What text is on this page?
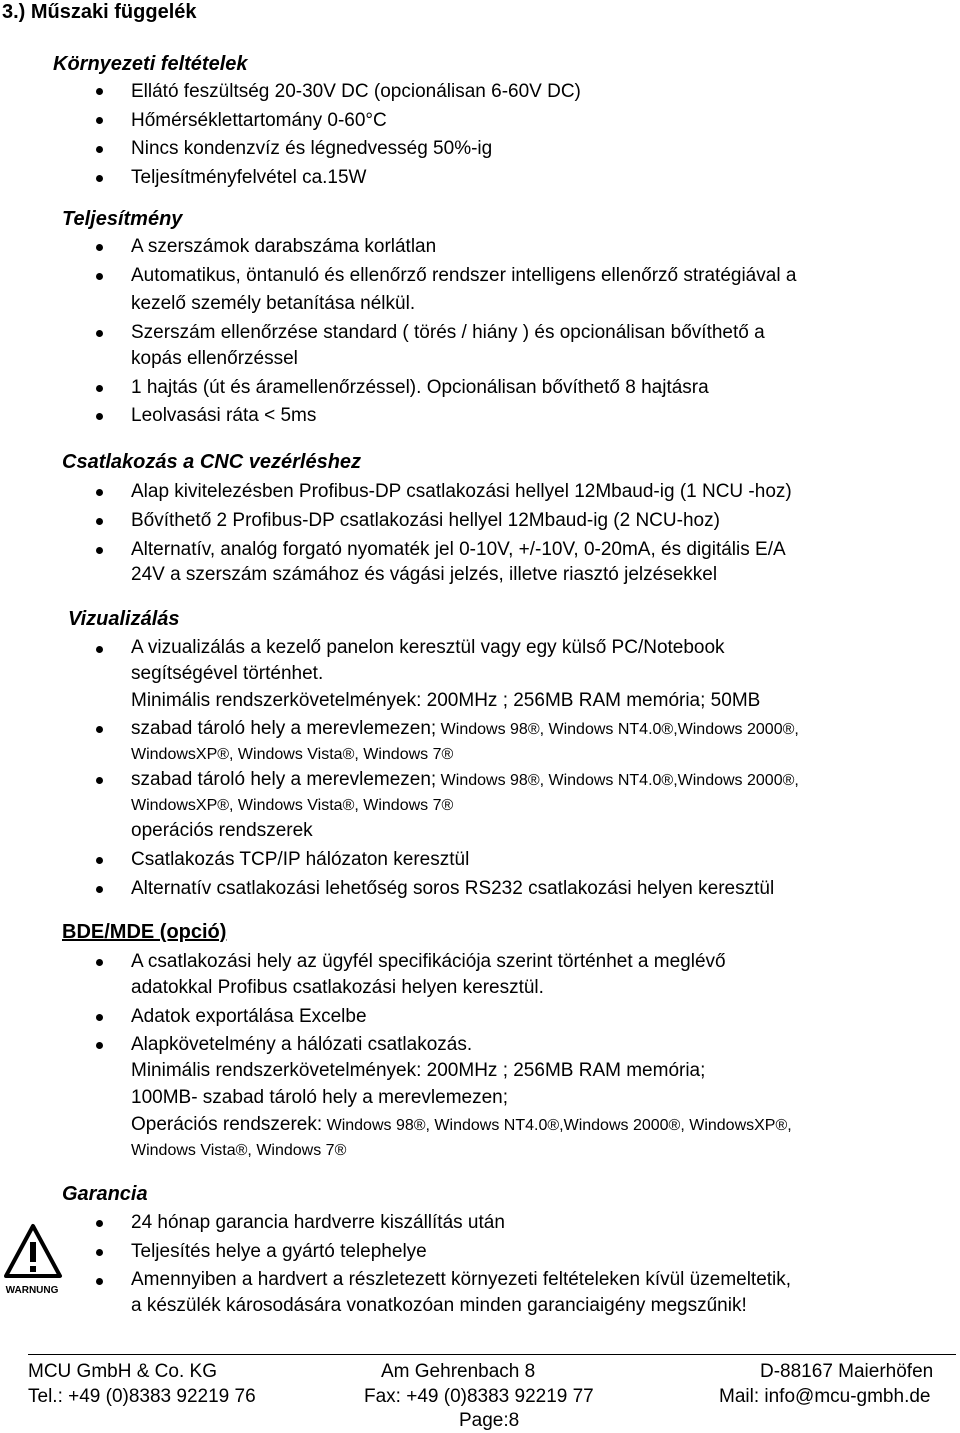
3.) Műszaki függelék
Környezeti feltételek
Ellátó feszültség 20-30V DC (opcionálisan 6-60V DC)
Hőmérséklettartomány 0-60°C
Nincs kondenzvíz és légnedvesség 50%-ig
Teljesítményfelvétel ca.15W
Teljesítmény
A szerszámok darabszáma korlátlan
Automatikus, öntanuló és ellenőrző rendszer intelligens ellenőrző stratégiával a
kezelő személy betanítása nélkül.
Szerszám ellenőrzése standard ( törés / hiány ) és opcionálisan bővíthető a
kopás ellenőrzéssel
1 hajtás (út és áramellenőrzéssel). Opcionálisan bővíthető 8 hajtásra
Leolvasási ráta < 5ms
Csatlakozás a CNC vezérléshez
Alap kivitelezésben Profibus-DP csatlakozási hellyel 12Mbaud-ig (1 NCU -hoz)
Bővíthető 2 Profibus-DP csatlakozási hellyel 12Mbaud-ig (2 NCU-hoz)
Alternatív, analóg forgató nyomaték jel 0-10V, +/-10V, 0-20mA, és digitális E/A
24V a szerszám számához és vágási jelzés, illetve riasztó jelzésekkel
Vizualizálás
A vizualizálás a kezelő panelon keresztül vagy egy külső PC/Notebook
segítségével történhet.
Minimális rendszerkövetelmények: 200MHz ; 256MB RAM memória; 50MB
szabad tároló hely a merevlemezen; Windows 98®, Windows NT4.0®,Windows 2000®,
WindowsXP®, Windows Vista®, Windows 7®
szabad tároló hely a merevlemezen; Windows 98®, Windows NT4.0®,Windows 2000®,
WindowsXP®, Windows Vista®, Windows 7®
operációs rendszerek
Csatlakozás TCP/IP hálózaton keresztül
Alternatív csatlakozási lehetőség soros RS232 csatlakozási helyen keresztül
BDE/MDE (opció)
A csatlakozási hely az ügyfél specifikációja szerint történhet a meglévő
adatokkal Profibus csatlakozási helyen keresztül.
Adatok exportálása Excelbe
Alapkövetelmény a hálózati csatlakozás.
Minimális rendszerkövetelmények: 200MHz ; 256MB RAM memória;
100MB- szabad tároló hely a merevlemezen;
Operációs rendszerek: Windows 98®, Windows NT4.0®,Windows 2000®, WindowsXP®,
Windows Vista®, Windows 7®
Garancia
24 hónap garancia hardverre kiszállítás után
Teljesítés helye a gyártó telephelye
Amennyiben a hardvert a részletezett környezeti feltételeken kívül üzemeltetik,
a készülék károsodására vonatkozóan minden garanciaigény megszűnik!
WARNUNG
MCU GmbH & Co. KG	Am Gehrenbach 8	D-88167 Maierhöfen
Tel.: +49 (0)8383 92219 76	Fax: +49 (0)8383 92219 77	Mail: info@mcu-gmbh.de
Page:8
